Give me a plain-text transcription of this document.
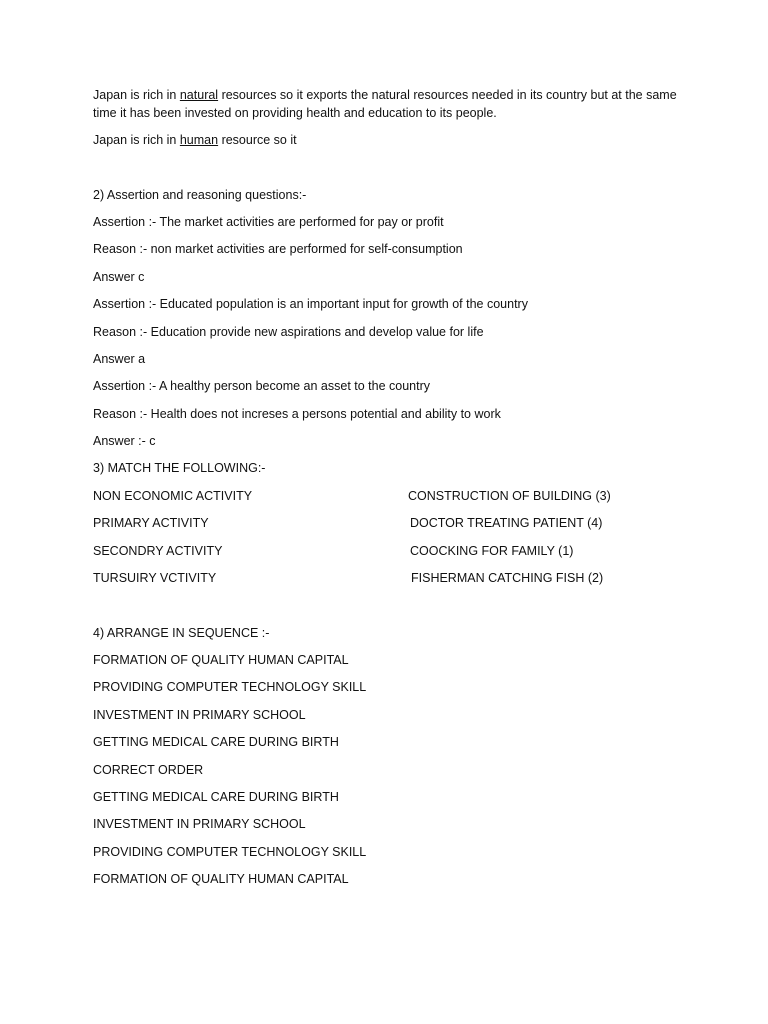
Japan is rich in natural resources so it exports the natural resources needed in its country but at the same time it has been invested on providing health and education to its people.
Japan is rich in human resource so it
2) Assertion and reasoning questions:-
Assertion :- The market activities are performed for pay or profit
Reason :- non market activities are performed for self-consumption
Answer c
Assertion :- Educated population is an important input for growth of the country
Reason :- Education provide new aspirations and develop value for life
Answer a
Assertion :- A healthy person become an asset to the country
Reason :- Health does not increses a persons potential and ability to work
Answer :- c
3) MATCH THE FOLLOWING:-
NON ECONOMIC ACTIVITY	CONSTRUCTION OF BUILDING (3)
PRIMARY ACTIVITY	DOCTOR TREATING PATIENT (4)
SECONDRY ACTIVITY	COOCKING FOR FAMILY (1)
TURSUIRY VCTIVITY	FISHERMAN CATCHING FISH (2)
4) ARRANGE IN SEQUENCE :-
FORMATION OF QUALITY HUMAN CAPITAL
PROVIDING COMPUTER TECHNOLOGY SKILL
INVESTMENT IN PRIMARY SCHOOL
GETTING MEDICAL CARE DURING BIRTH
CORRECT ORDER
GETTING MEDICAL CARE DURING BIRTH
INVESTMENT IN PRIMARY SCHOOL
PROVIDING COMPUTER TECHNOLOGY SKILL
FORMATION OF QUALITY HUMAN CAPITAL
